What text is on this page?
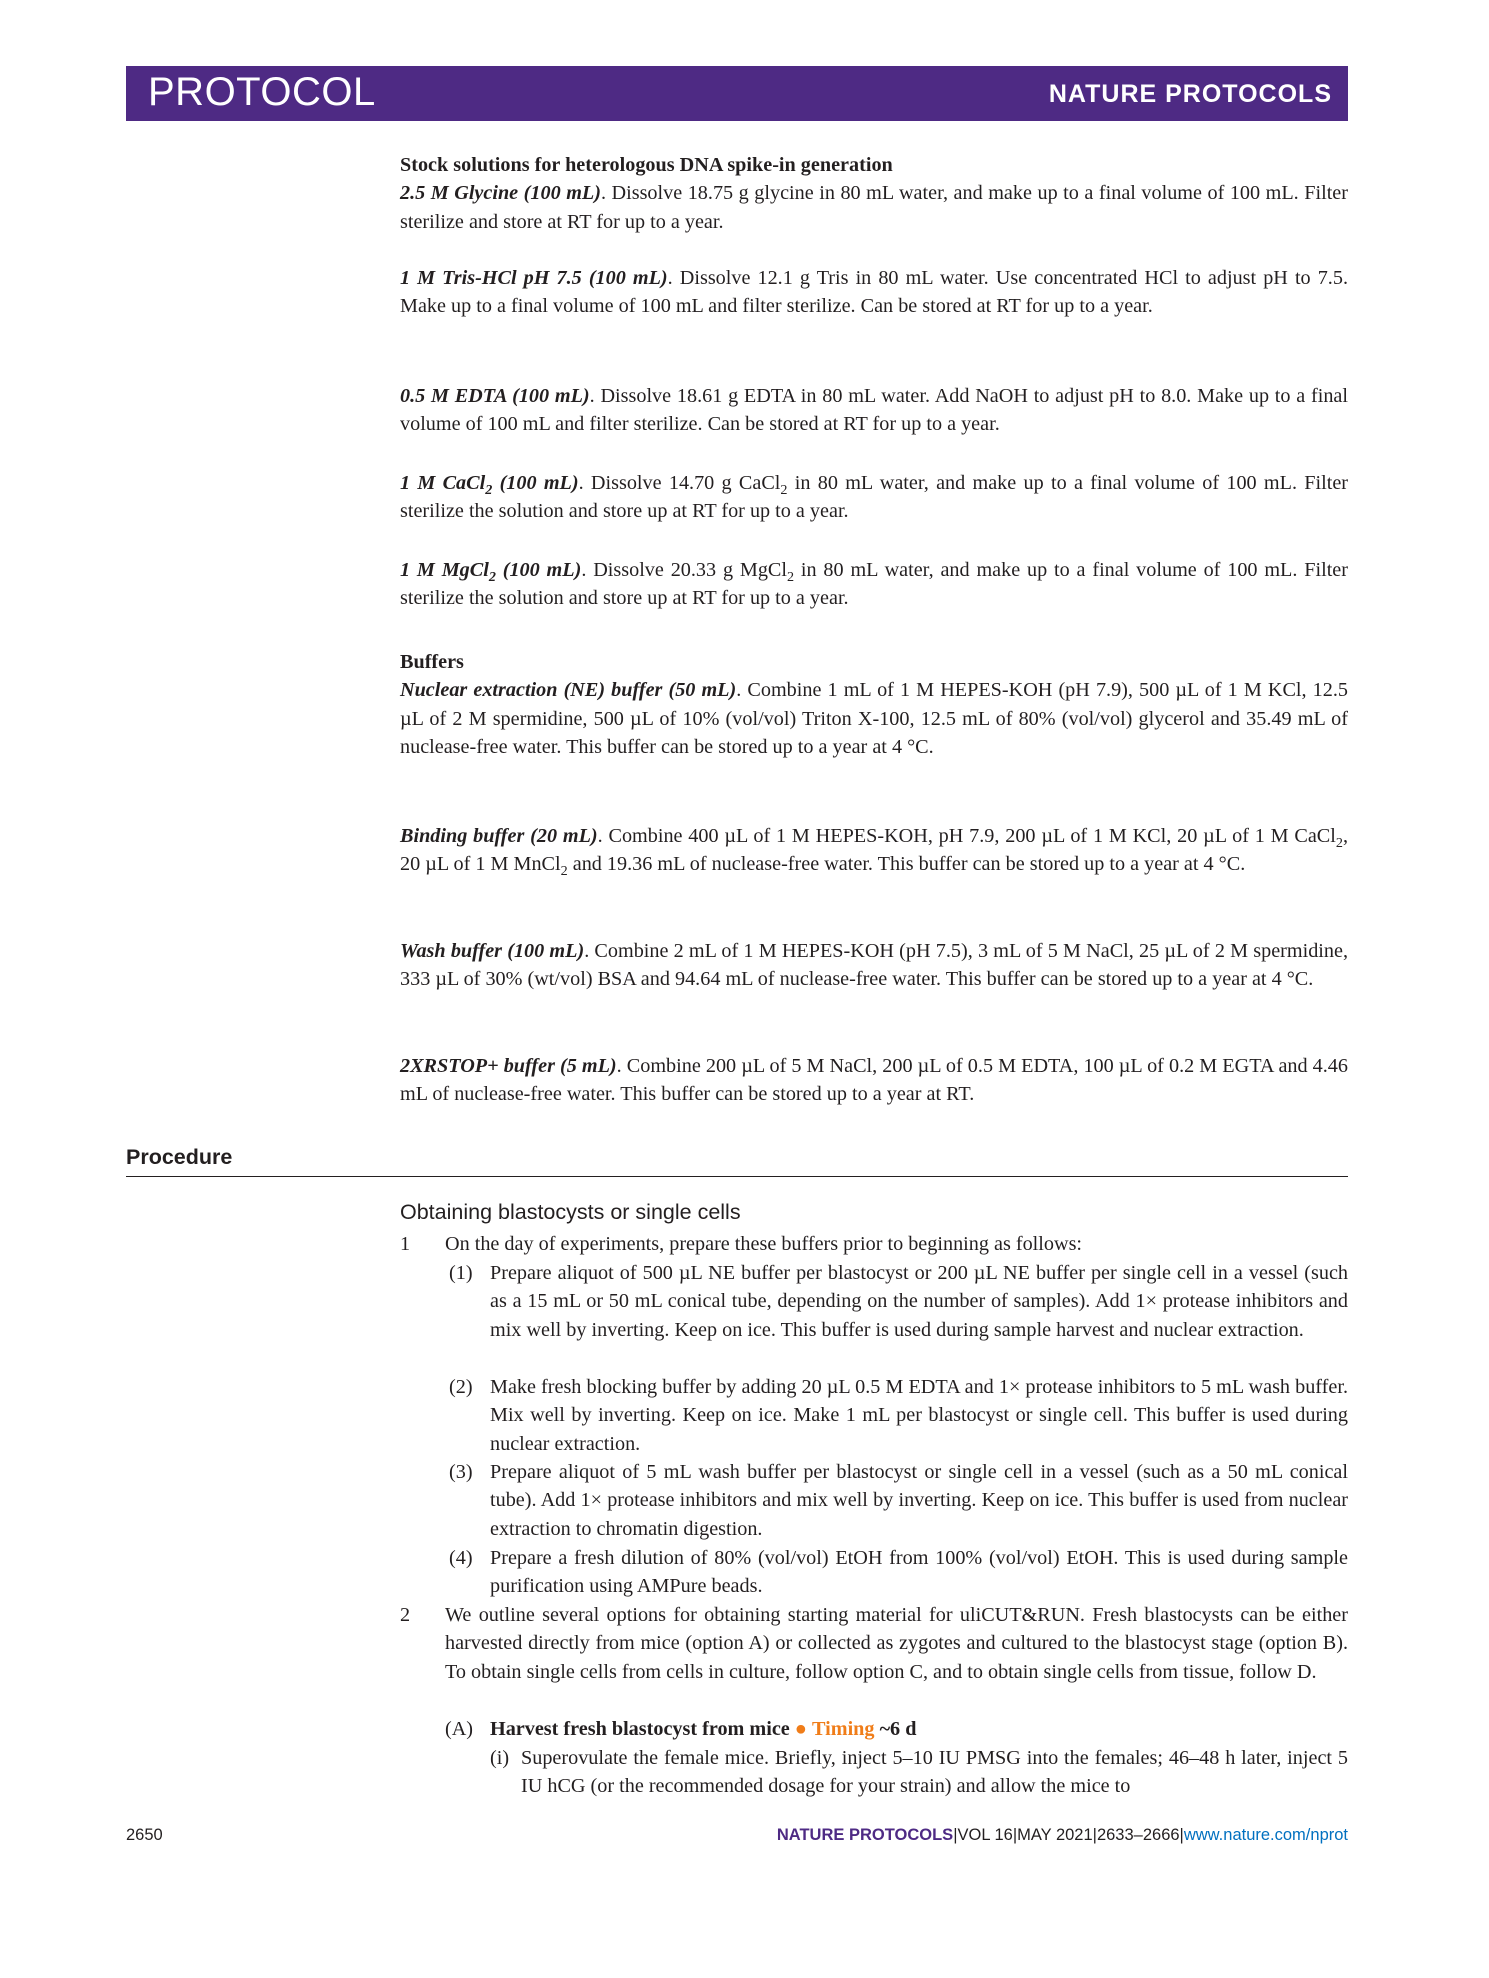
PROTOCOL	NATURE PROTOCOLS

Stock solutions for heterologous DNA spike-in generation

2.5 M Glycine (100 mL). Dissolve 18.75 g glycine in 80 mL water, and make up to a final volume of 100 mL. Filter sterilize and store at RT for up to a year.

1 M Tris-HCl pH 7.5 (100 mL). Dissolve 12.1 g Tris in 80 mL water. Use concentrated HCl to adjust pH to 7.5. Make up to a final volume of 100 mL and filter sterilize. Can be stored at RT for up to a year.

0.5 M EDTA (100 mL). Dissolve 18.61 g EDTA in 80 mL water. Add NaOH to adjust pH to 8.0. Make up to a final volume of 100 mL and filter sterilize. Can be stored at RT for up to a year.

1 M CaCl$_2$ (100 mL). Dissolve 14.70 g CaCl$_2$ in 80 mL water, and make up to a final volume of 100 mL. Filter sterilize the solution and store up at RT for up to a year.

1 M MgCl$_2$ (100 mL). Dissolve 20.33 g MgCl$_2$ in 80 mL water, and make up to a final volume of 100 mL. Filter sterilize the solution and store up at RT for up to a year.

Buffers

Nuclear extraction (NE) buffer (50 mL). Combine 1 mL of 1 M HEPES-KOH (pH 7.9), 500 µL of 1 M KCl, 12.5 µL of 2 M spermidine, 500 µL of 10% (vol/vol) Triton X-100, 12.5 mL of 80% (vol/vol) glycerol and 35.49 mL of nuclease-free water. This buffer can be stored up to a year at 4 °C.

Binding buffer (20 mL). Combine 400 µL of 1 M HEPES-KOH, pH 7.9, 200 µL of 1 M KCl, 20 µL of 1 M CaCl$_2$, 20 µL of 1 M MnCl$_2$ and 19.36 mL of nuclease-free water. This buffer can be stored up to a year at 4 °C.

Wash buffer (100 mL). Combine 2 mL of 1 M HEPES-KOH (pH 7.5), 3 mL of 5 M NaCl, 25 µL of 2 M spermidine, 333 µL of 30% (wt/vol) BSA and 94.64 mL of nuclease-free water. This buffer can be stored up to a year at 4 °C.

2XRSTOP+ buffer (5 mL). Combine 200 µL of 5 M NaCl, 200 µL of 0.5 M EDTA, 100 µL of 0.2 M EGTA and 4.46 mL of nuclease-free water. This buffer can be stored up to a year at RT.

Procedure
Obtaining blastocysts or single cells
1 On the day of experiments, prepare these buffers prior to beginning as follows:
(1) Prepare aliquot of 500 µL NE buffer per blastocyst or 200 µL NE buffer per single cell in a vessel (such as a 15 mL or 50 mL conical tube, depending on the number of samples). Add 1× protease inhibitors and mix well by inverting. Keep on ice. This buffer is used during sample harvest and nuclear extraction.
(2) Make fresh blocking buffer by adding 20 µL 0.5 M EDTA and 1× protease inhibitors to 5 mL wash buffer. Mix well by inverting. Keep on ice. Make 1 mL per blastocyst or single cell. This buffer is used during nuclear extraction.
(3) Prepare aliquot of 5 mL wash buffer per blastocyst or single cell in a vessel (such as a 50 mL conical tube). Add 1× protease inhibitors and mix well by inverting. Keep on ice. This buffer is used from nuclear extraction to chromatin digestion.
(4) Prepare a fresh dilution of 80% (vol/vol) EtOH from 100% (vol/vol) EtOH. This is used during sample purification using AMPure beads.
2 We outline several options for obtaining starting material for uliCUT&RUN. Fresh blastocysts can be either harvested directly from mice (option A) or collected as zygotes and cultured to the blastocyst stage (option B). To obtain single cells from cells in culture, follow option C, and to obtain single cells from tissue, follow D.
(A) Harvest fresh blastocyst from mice ● Timing ~6 d
(i) Superovulate the female mice. Briefly, inject 5–10 IU PMSG into the females; 46–48 h later, inject 5 IU hCG (or the recommended dosage for your strain) and allow the mice to
2650	NATURE PROTOCOLS|VOL 16|MAY 2021|2633–2666|www.nature.com/nprot
